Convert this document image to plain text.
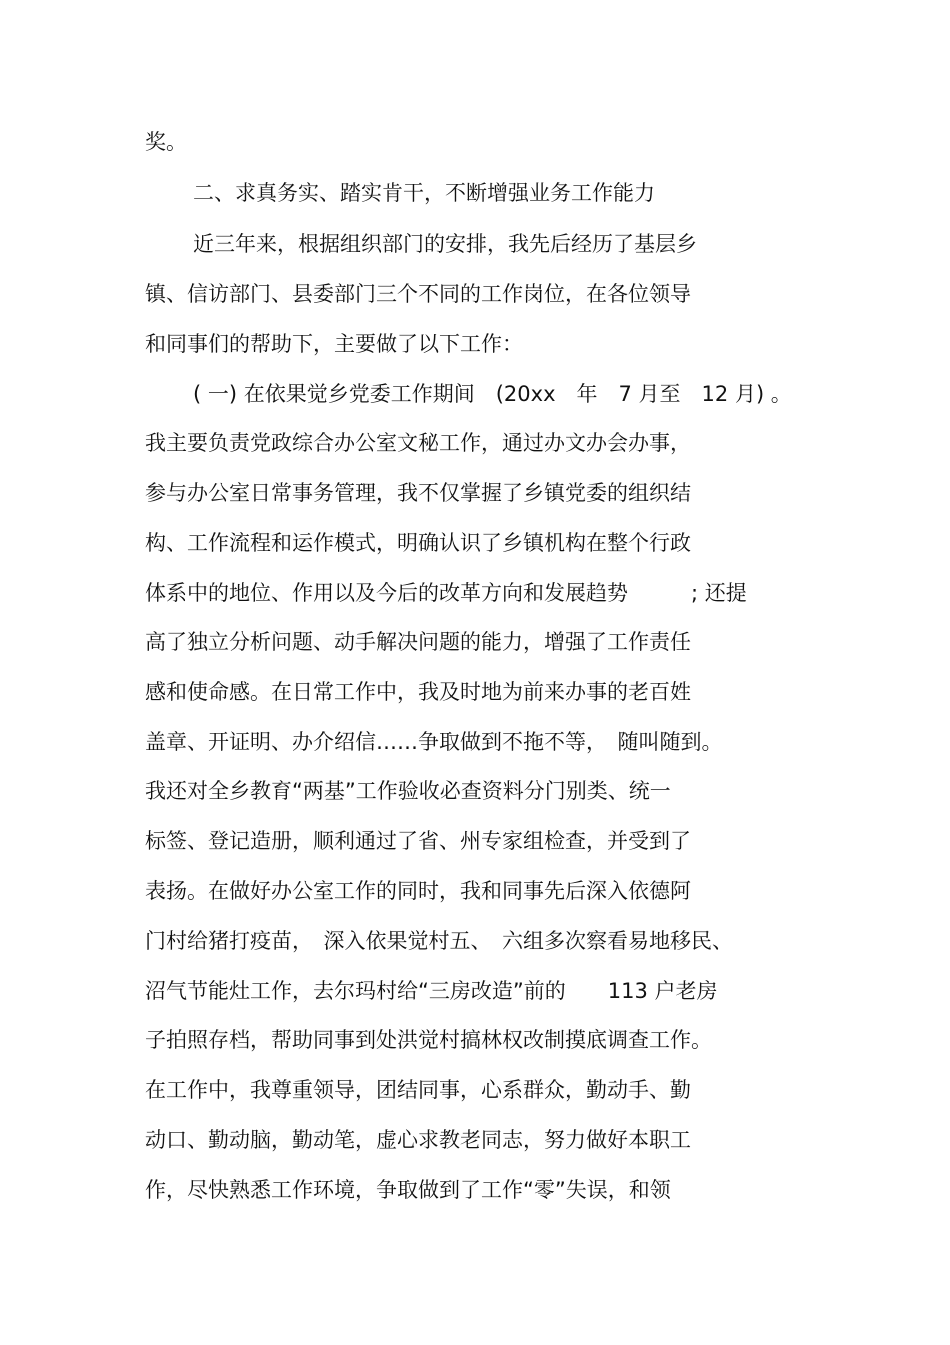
奖。
二、求真务实、踏实肯干，不断增强业务工作能力
近三年来，根据组织部门的安排，我先后经历了基层乡
镇、信访部门、县委部门三个不同的工作岗位，在各位领导
和同事们的帮助下，主要做了以下工作：
( 一) 在依果觉乡党委工作期间　(20xx　年　7 月至　12 月) 。
我主要负责党政综合办公室文秘工作，通过办文办会办事，
参与办公室日常事务管理，我不仅掌握了乡镇党委的组织结
构、工作流程和运作模式，明确认识了乡镇机构在整个行政
体系中的地位、作用以及今后的改革方向和发展趋势　　　; 还提
高了独立分析问题、动手解决问题的能力，增强了工作责任
感和使命感。在日常工作中，我及时地为前来办事的老百姓
盖章、开证明、办介绍信……争取做到不拖不等，　随叫随到。
我还对全乡教育“两基”工作验收必查资料分门别类、统一
标签、登记造册，顺利通过了省、州专家组检查，并受到了
表扬。在做好办公室工作的同时，我和同事先后深入依德阿
门村给猪打疫苗，　深入依果觉村五、　六组多次察看易地移民、
沼气节能灶工作，去尔玛村给“三房改造”前的　　113 户老房
子拍照存档，帮助同事到处洪觉村搞林权改制摸底调查工作。
在工作中，我尊重领导，团结同事，心系群众，勤动手、勤
动口、勤动脑，勤动笔，虚心求教老同志，努力做好本职工
作，尽快熟悉工作环境，争取做到了工作“零”失误，和领
